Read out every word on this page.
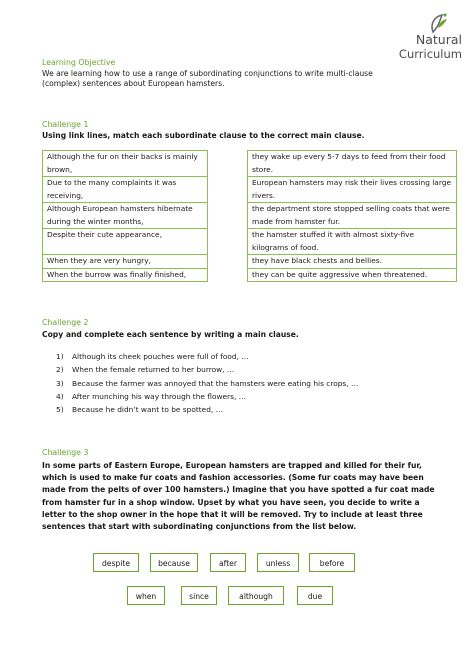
Natural
Curriculum
Learning Objective
We are learning how to use a range of subordinating conjunctions to write multi-clause (complex) sentences about European hamsters.
Challenge 1
Using link lines, match each subordinate clause to the correct main clause.
Although the fur on their backs is mainly brown,
Due to the many complaints it was receiving,
Although European hamsters hibernate during the winter months,
Despite their cute appearance,
When they are very hungry,
When the burrow was finally finished,
they wake up every 5-7 days to feed from their food store.
European hamsters may risk their lives crossing large rivers.
the department store stopped selling coats that were made from hamster fur.
the hamster stuffed it with almost sixty-five kilograms of food.
they have black chests and bellies.
they can be quite aggressive when threatened.
Challenge 2
Copy and complete each sentence by writing a main clause.
1) Although its cheek pouches were full of food, …
2) When the female returned to her burrow, …
3) Because the farmer was annoyed that the hamsters were eating his crops, …
4) After munching his way through the flowers, …
5) Because he didn’t want to be spotted, …
Challenge 3
In some parts of Eastern Europe, European hamsters are trapped and killed for their fur, which is used to make fur coats and fashion accessories. (Some fur coats may have been made from the pelts of over 100 hamsters.) Imagine that you have spotted a fur coat made from hamster fur in a shop window. Upset by what you have seen, you decide to write a letter to the shop owner in the hope that it will be removed. Try to include at least three sentences that start with subordinating conjunctions from the list below.
despite	because	after	unless	before
when	since	although	due
